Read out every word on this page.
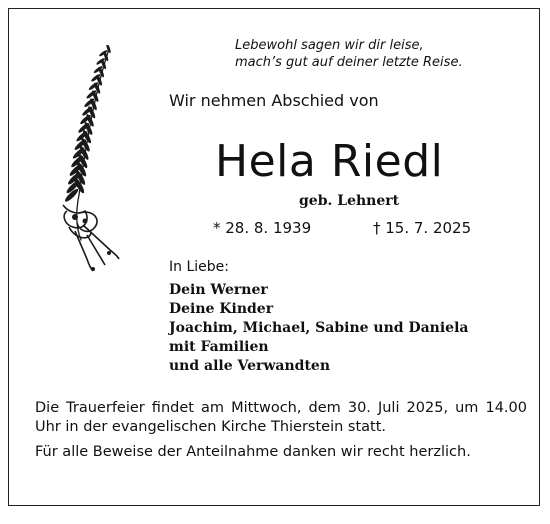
Lebewohl sagen wir dir leise,
mach’s gut auf deiner letzte Reise.
Wir nehmen Abschied von
Hela Riedl
geb. Lehnert
* 28. 8. 1939	† 15. 7. 2025
In Liebe:
Dein Werner
Deine Kinder
Joachim, Michael, Sabine und Daniela
mit Familien
und alle Verwandten
Die Trauerfeier findet am Mittwoch, dem 30. Juli 2025, um 14.00 Uhr in der evangelischen Kirche Thierstein statt.
Für alle Beweise der Anteilnahme danken wir recht herzlich.
